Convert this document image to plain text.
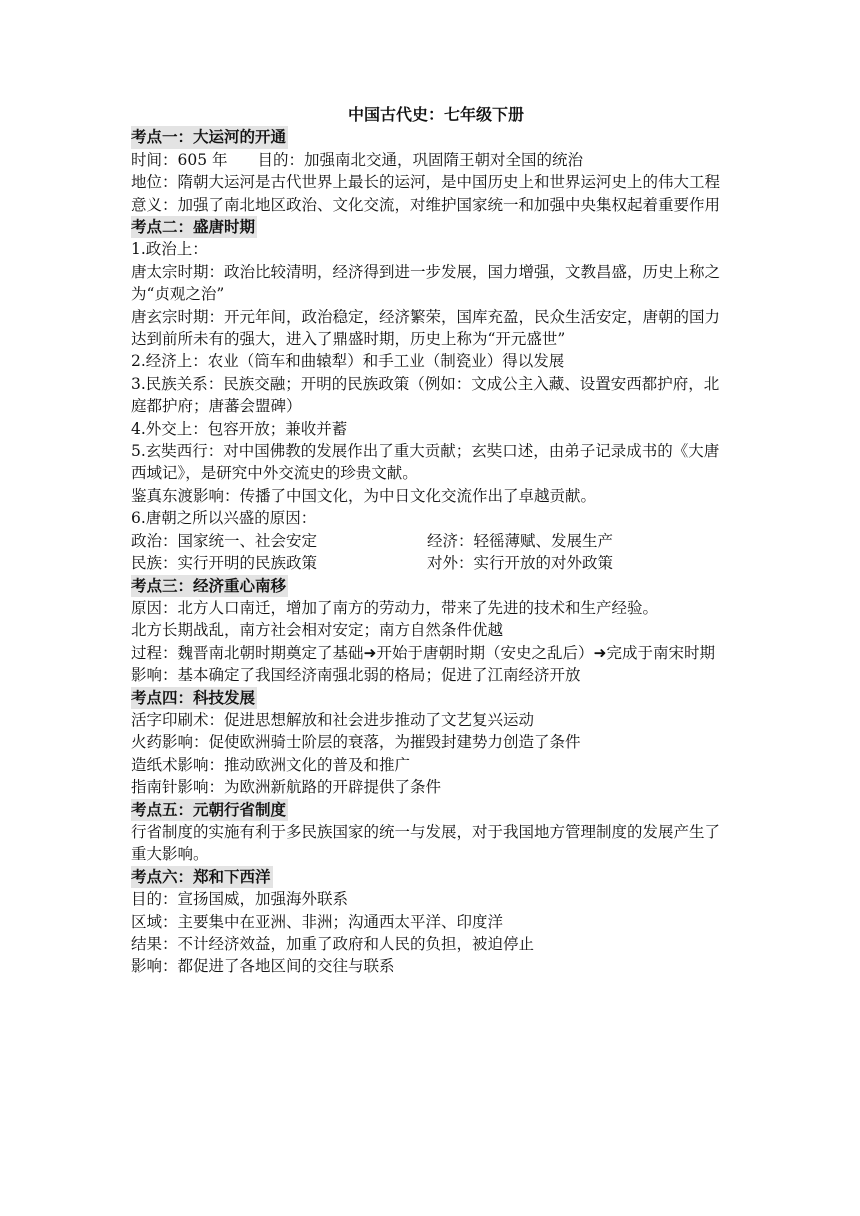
中国古代史：七年级下册
考点一：大运河的开通

时间：605 年 目的：加强南北交通，巩固隋王朝对全国的统治

地位：隋朝大运河是古代世界上最长的运河，是中国历史上和世界运河史上的伟大工程

意义：加强了南北地区政治、文化交流，对维护国家统一和加强中央集权起着重要作用

考点二：盛唐时期

1.政治上：

唐太宗时期：政治比较清明，经济得到进一步发展，国力增强，文教昌盛，历史上称之为“贞观之治”

唐玄宗时期：开元年间，政治稳定，经济繁荣，国库充盈，民众生活安定，唐朝的国力达到前所未有的强大，进入了鼎盛时期，历史上称为“开元盛世”

2.经济上：农业（筒车和曲辕犁）和手工业（制瓷业）得以发展

3.民族关系：民族交融；开明的民族政策（例如：文成公主入藏、设置安西都护府，北庭都护府；唐蕃会盟碑）

4.外交上：包容开放；兼收并蓄

5.玄奘西行：对中国佛教的发展作出了重大贡献；玄奘口述，由弟子记录成书的《大唐西域记》，是研究中外交流史的珍贵文献。

鉴真东渡影响：传播了中国文化，为中日文化交流作出了卓越贡献。

6.唐朝之所以兴盛的原因：

政治：国家统一、社会安定	经济：轻徭薄赋、发展生产
民族：实行开明的民族政策	对外：实行开放的对外政策
考点三：经济重心南移

原因：北方人口南迁，增加了南方的劳动力，带来了先进的技术和生产经验。

北方长期战乱，南方社会相对安定；南方自然条件优越

过程：魏晋南北朝时期奠定了基础➜开始于唐朝时期（安史之乱后）➜完成于南宋时期

影响：基本确定了我国经济南强北弱的格局；促进了江南经济开放

考点四：科技发展

活字印刷术：促进思想解放和社会进步推动了文艺复兴运动

火药影响：促使欧洲骑士阶层的衰落，为摧毁封建势力创造了条件

造纸术影响：推动欧洲文化的普及和推广

指南针影响：为欧洲新航路的开辟提供了条件

考点五：元朝行省制度

行省制度的实施有利于多民族国家的统一与发展，对于我国地方管理制度的发展产生了重大影响。

考点六：郑和下西洋

目的：宣扬国威，加强海外联系

区域：主要集中在亚洲、非洲；沟通西太平洋、印度洋

结果：不计经济效益，加重了政府和人民的负担，被迫停止

影响：都促进了各地区间的交往与联系
